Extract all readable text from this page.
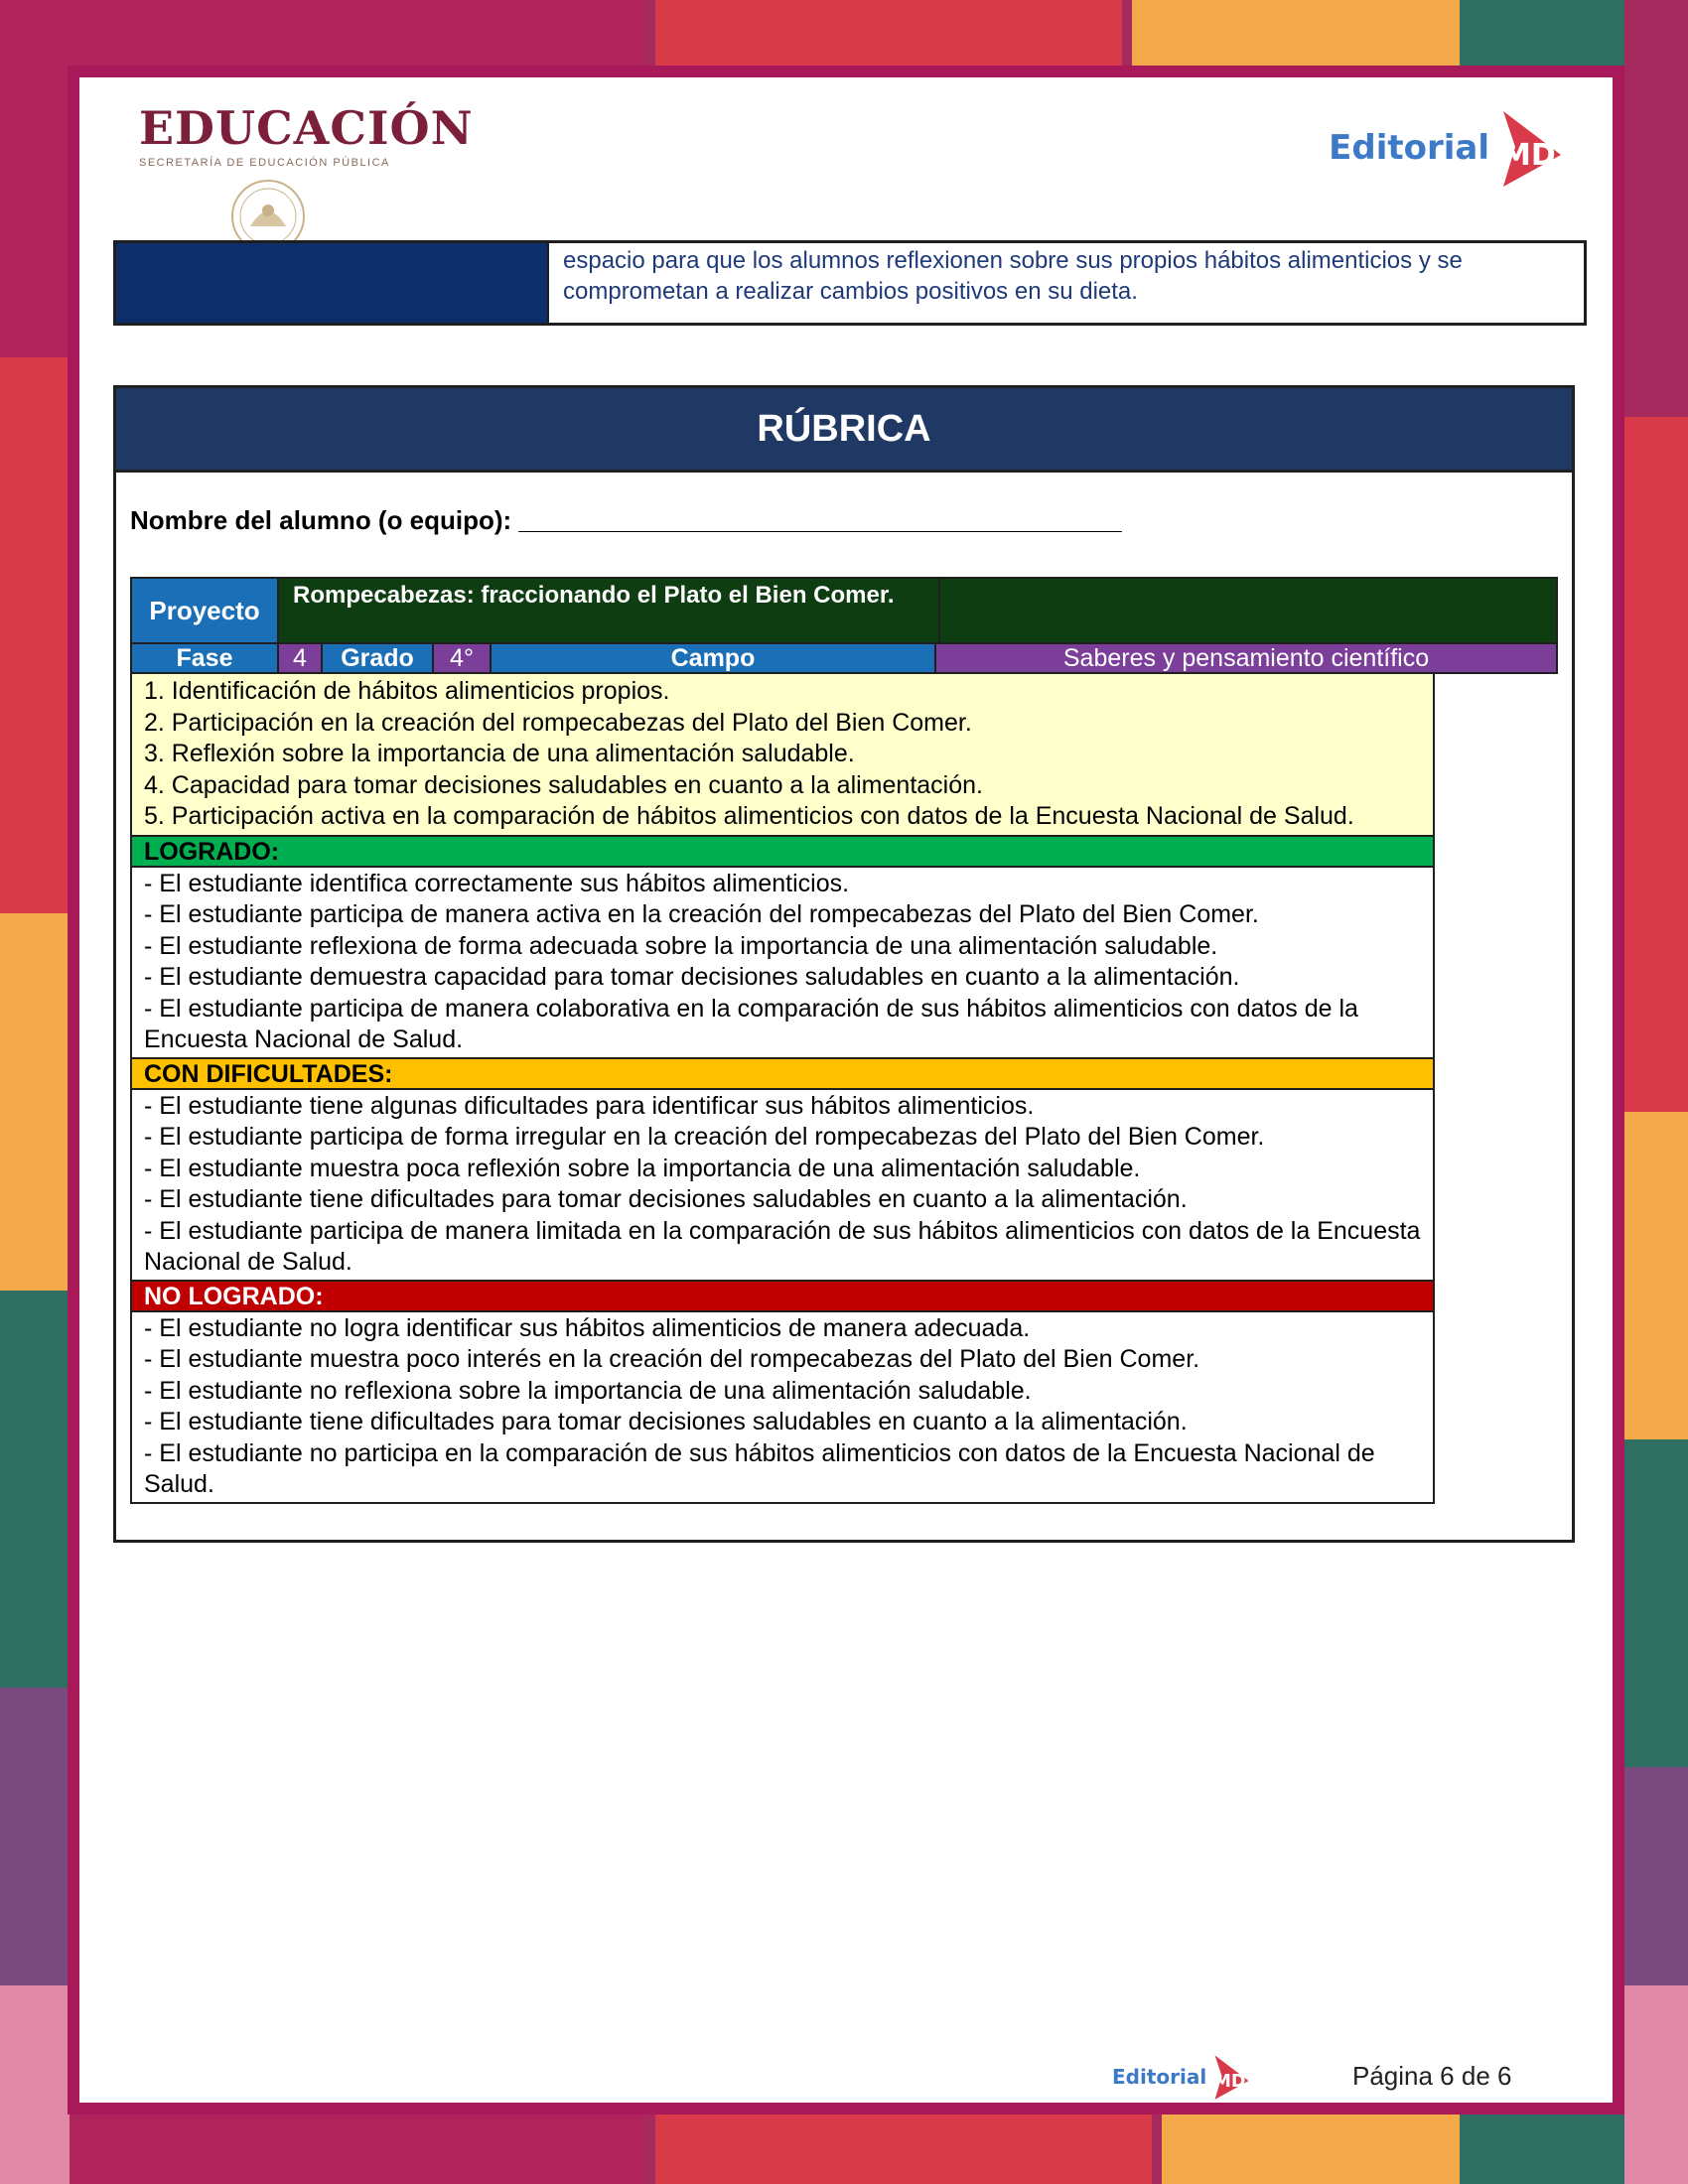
EDUCACIÓN
SECRETARÍA DE EDUCACIÓN PÚBLICA	Editorial MD
espacio para que los alumnos reflexionen sobre sus propios hábitos alimenticios y se comprometan a realizar cambios positivos en su dieta.
RÚBRICA
Nombre del alumno (o equipo): __________________________________________
Proyecto	Rompecabezas: fraccionando el Plato el Bien Comer.
Fase	4	Grado	4°	Campo	Saberes y pensamiento científico
1. Identificación de hábitos alimenticios propios.
2. Participación en la creación del rompecabezas del Plato del Bien Comer.
3. Reflexión sobre la importancia de una alimentación saludable.
4. Capacidad para tomar decisiones saludables en cuanto a la alimentación.
5. Participación activa en la comparación de hábitos alimenticios con datos de la Encuesta Nacional de Salud.
LOGRADO:
- El estudiante identifica correctamente sus hábitos alimenticios.
- El estudiante participa de manera activa en la creación del rompecabezas del Plato del Bien Comer.
- El estudiante reflexiona de forma adecuada sobre la importancia de una alimentación saludable.
- El estudiante demuestra capacidad para tomar decisiones saludables en cuanto a la alimentación.
- El estudiante participa de manera colaborativa en la comparación de sus hábitos alimenticios con datos de la Encuesta Nacional de Salud.
CON DIFICULTADES:
- El estudiante tiene algunas dificultades para identificar sus hábitos alimenticios.
- El estudiante participa de forma irregular en la creación del rompecabezas del Plato del Bien Comer.
- El estudiante muestra poca reflexión sobre la importancia de una alimentación saludable.
- El estudiante tiene dificultades para tomar decisiones saludables en cuanto a la alimentación.
- El estudiante participa de manera limitada en la comparación de sus hábitos alimenticios con datos de la Encuesta Nacional de Salud.
NO LOGRADO:
- El estudiante no logra identificar sus hábitos alimenticios de manera adecuada.
- El estudiante muestra poco interés en la creación del rompecabezas del Plato del Bien Comer.
- El estudiante no reflexiona sobre la importancia de una alimentación saludable.
- El estudiante tiene dificultades para tomar decisiones saludables en cuanto a la alimentación.
- El estudiante no participa en la comparación de sus hábitos alimenticios con datos de la Encuesta Nacional de Salud.
Editorial MD	Página 6 de 6
